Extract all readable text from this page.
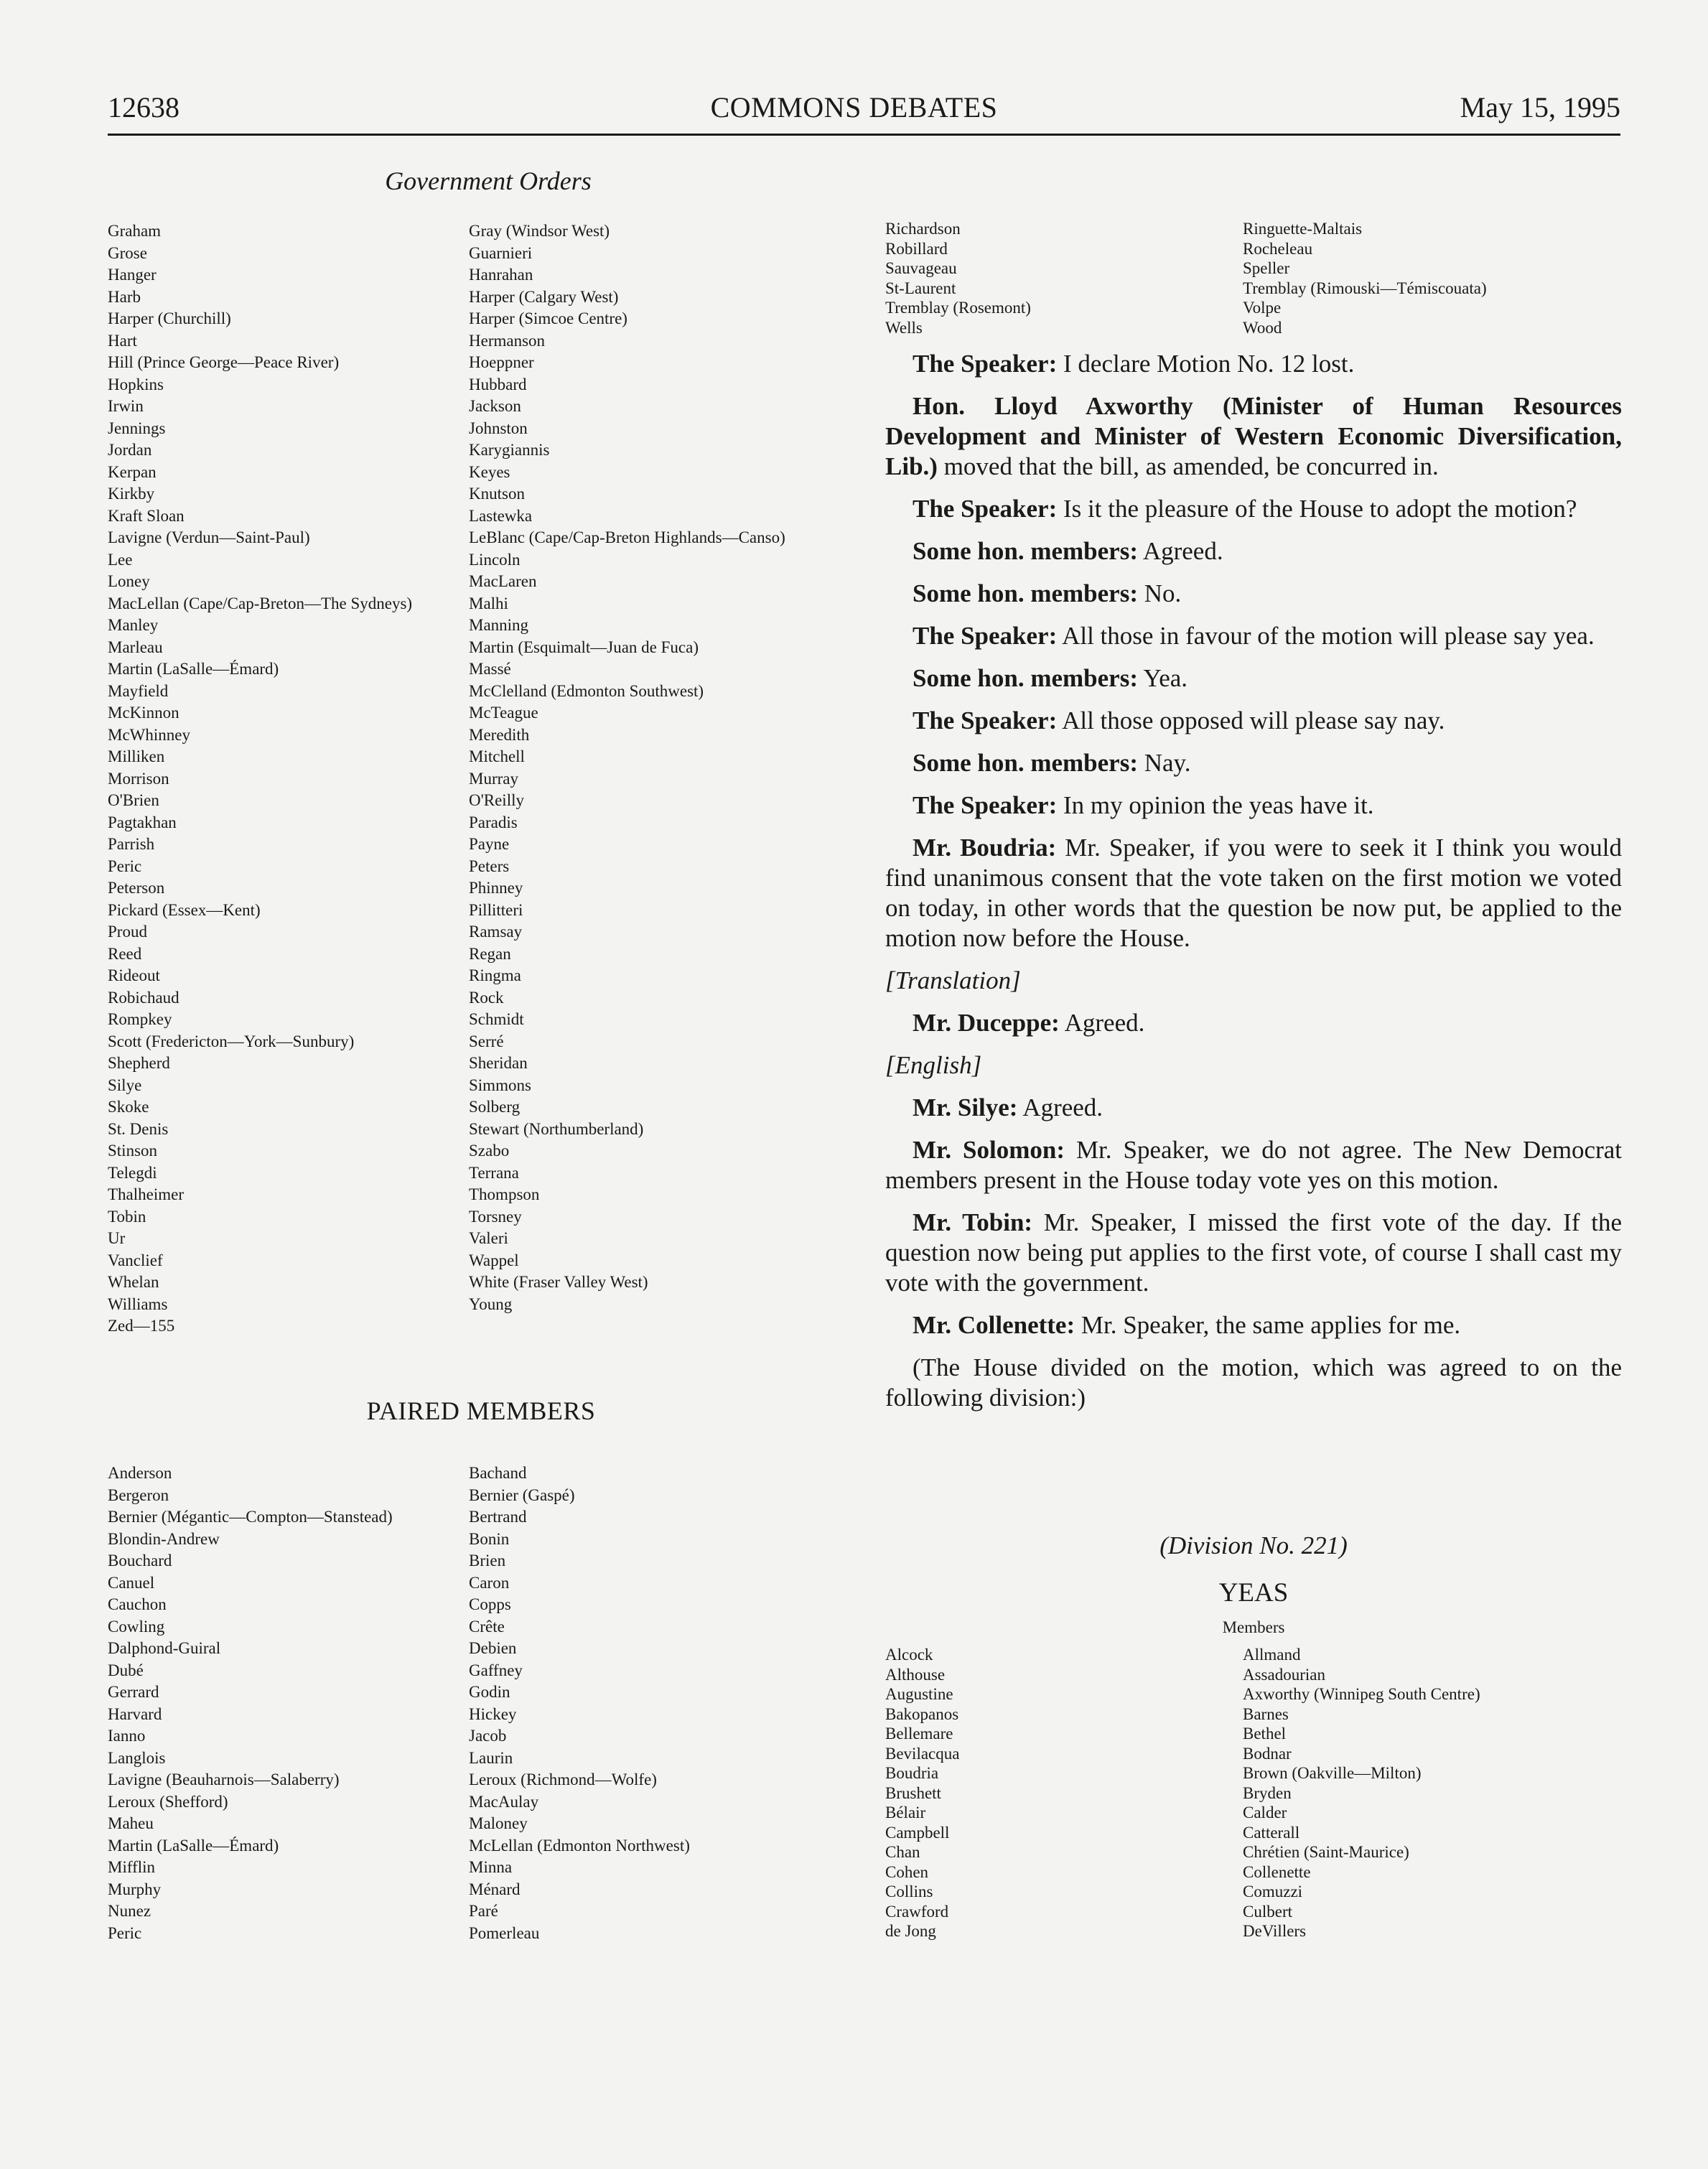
12638	COMMONS DEBATES	May 15, 1995
Government Orders
Graham
Grose
Hanger
Harb
Harper (Churchill)
Hart
Hill (Prince George—Peace River)
Hopkins
Irwin
Jennings
Jordan
Kerpan
Kirkby
Kraft Sloan
Lavigne (Verdun—Saint-Paul)
Lee
Loney
MacLellan (Cape/Cap-Breton—The Sydneys)
Manley
Marleau
Martin (LaSalle—Émard)
Mayfield
McKinnon
McWhinney
Milliken
Morrison
O'Brien
Pagtakhan
Parrish
Peric
Peterson
Pickard (Essex—Kent)
Proud
Reed
Rideout
Robichaud
Rompkey
Scott (Fredericton—York—Sunbury)
Shepherd
Silye
Skoke
St. Denis
Stinson
Telegdi
Thalheimer
Tobin
Ur
Vanclief
Whelan
Williams
Zed—155
Gray (Windsor West)
Guarnieri
Hanrahan
Harper (Calgary West)
Harper (Simcoe Centre)
Hermanson
Hoeppner
Hubbard
Jackson
Johnston
Karygiannis
Keyes
Knutson
Lastewka
LeBlanc (Cape/Cap-Breton Highlands—Canso)
Lincoln
MacLaren
Malhi
Manning
Martin (Esquimalt—Juan de Fuca)
Massé
McClelland (Edmonton Southwest)
McTeague
Meredith
Mitchell
Murray
O'Reilly
Paradis
Payne
Peters
Phinney
Pillitteri
Ramsay
Regan
Ringma
Rock
Schmidt
Serré
Sheridan
Simmons
Solberg
Stewart (Northumberland)
Szabo
Terrana
Thompson
Torsney
Valeri
Wappel
White (Fraser Valley West)
Young
PAIRED MEMBERS
Anderson
Bergeron
Bernier (Mégantic—Compton—Stanstead)
Blondin-Andrew
Bouchard
Canuel
Cauchon
Cowling
Dalphond-Guiral
Dubé
Gerrard
Harvard
Ianno
Langlois
Lavigne (Beauharnois—Salaberry)
Leroux (Shefford)
Maheu
Martin (LaSalle—Émard)
Mifflin
Murphy
Nunez
Peric
Bachand
Bernier (Gaspé)
Bertrand
Bonin
Brien
Caron
Copps
Crête
Debien
Gaffney
Godin
Hickey
Jacob
Laurin
Leroux (Richmond—Wolfe)
MacAulay
Maloney
McLellan (Edmonton Northwest)
Minna
Ménard
Paré
Pomerleau
Richardson
Robillard
Sauvageau
St-Laurent
Tremblay (Rosemont)
Wells
Ringuette-Maltais
Rocheleau
Speller
Tremblay (Rimouski—Témiscouata)
Volpe
Wood

The Speaker: I declare Motion No. 12 lost.

Hon. Lloyd Axworthy (Minister of Human Resources Development and Minister of Western Economic Diversification, Lib.) moved that the bill, as amended, be concurred in.

The Speaker: Is it the pleasure of the House to adopt the motion?

Some hon. members: Agreed.

Some hon. members: No.

The Speaker: All those in favour of the motion will please say yea.

Some hon. members: Yea.

The Speaker: All those opposed will please say nay.

Some hon. members: Nay.

The Speaker: In my opinion the yeas have it.

Mr. Boudria: Mr. Speaker, if you were to seek it I think you would find unanimous consent that the vote taken on the first motion we voted on today, in other words that the question be now put, be applied to the motion now before the House.

[Translation]

Mr. Duceppe: Agreed.

[English]

Mr. Silye: Agreed.

Mr. Solomon: Mr. Speaker, we do not agree. The New Democrat members present in the House today vote yes on this motion.

Mr. Tobin: Mr. Speaker, I missed the first vote of the day. If the question now being put applies to the first vote, of course I shall cast my vote with the government.

Mr. Collenette: Mr. Speaker, the same applies for me.

(The House divided on the motion, which was agreed to on the following division:)

(Division No. 221)
YEAS
Members
Alcock
Althouse
Augustine
Bakopanos
Bellemare
Bevilacqua
Boudria
Brushett
Bélair
Campbell
Chan
Cohen
Collins
Crawford
de Jong
Allmand
Assadourian
Axworthy (Winnipeg South Centre)
Barnes
Bethel
Bodnar
Brown (Oakville—Milton)
Bryden
Calder
Catterall
Chrétien (Saint-Maurice)
Collenette
Comuzzi
Culbert
DeVillers
